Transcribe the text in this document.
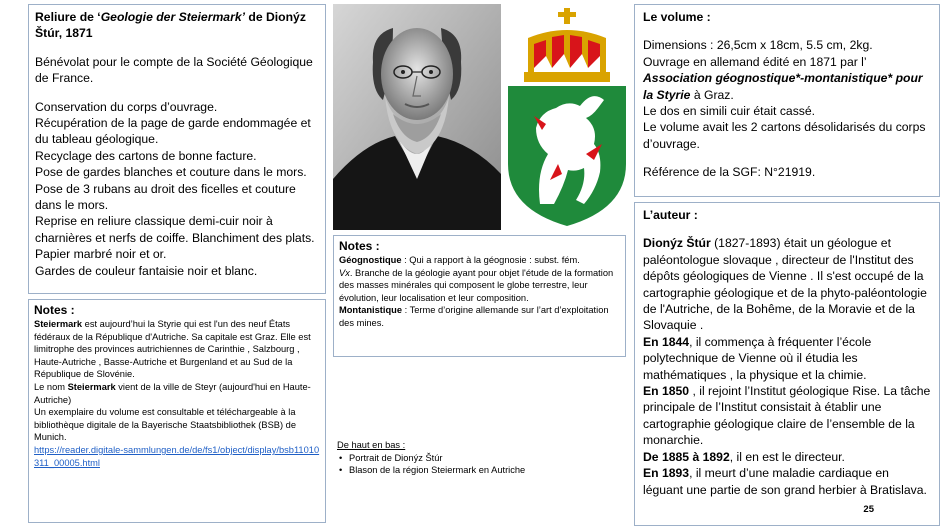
Reliure de ‘Geologie der Steiermark’ de Dionýz Štúr, 1871

Bénévolat pour le compte de la Société Géologique de France.

Conservation du corps d’ouvrage.

Récupération de la page de garde endommagée et du tableau géologique.

Recyclage des cartons de bonne facture.

Pose de gardes blanches et couture dans le mors.

Pose de 3 rubans au droit des ficelles et couture dans le mors.

Reprise en reliure classique demi-cuir noir à charnières et nerfs de coiffe. Blanchiment des plats. Papier marbré noir et or.

Gardes de couleur fantaisie noir et blanc.

Notes :

Steiermark est aujourd’hui la Styrie qui est l'un des neuf États fédéraux de la République d'Autriche. Sa capitale est Graz. Elle est limitrophe des provinces autrichiennes de Carinthie , Salzbourg , Haute-Autriche , Basse-Autriche et Burgenland et au Sud de la République de Slovénie.

Le nom Steiermark vient de la ville de Steyr (aujourd'hui en Haute-Autriche)

Un exemplaire du volume est consultable et téléchargeable à la bibliothèque digitale de la Bayerische Staatsbibliothek (BSB) de Munich.

https://reader.digitale-sammlungen.de/de/fs1/object/display/bsb11010311_00005.html

Notes :

Géognostique : Qui a rapport à la géognosie : subst. fém.

Vx. Branche de la géologie ayant pour objet l'étude de la formation des masses minérales qui composent le globe terrestre, leur évolution, leur localisation et leur composition.

Montanistique : Terme d’origine allemande sur l’art d’exploitation des mines.

De haut en bas :

• Portrait de Dionýz Štúr
• Blason de la région Steiermark en Autriche

Le volume :

Dimensions : 26,5cm x 18cm, 5.5 cm, 2kg.

Ouvrage en allemand édité en 1871 par l’ Association géognostique*-montanistique* pour la Styrie à Graz.

Le dos en simili cuir était cassé.

Le volume avait les 2 cartons désolidarisés du corps d’ouvrage.

Référence de la SGF: N°21919.

L’auteur :

Dionýz Štúr (1827-1893) était un géologue et paléontologue slovaque , directeur de l'Institut des dépôts géologiques de Vienne . Il s'est occupé de la cartographie géologique et de la phyto-paléontologie de l'Autriche, de la Bohême, de la Moravie et de la Slovaquie .

En 1844, il commença à fréquenter l’école polytechnique de Vienne où il étudia les mathématiques , la physique et la chimie.

En 1850 , il rejoint l’Institut géologique Rise. La tâche principale de l’Institut consistait à établir une cartographie géologique claire de l’ensemble de la monarchie.

De 1885 à 1892, il en est le directeur.

En 1893, il meurt d’une maladie cardiaque en léguant une partie de son grand herbier à Bratislava.

25
